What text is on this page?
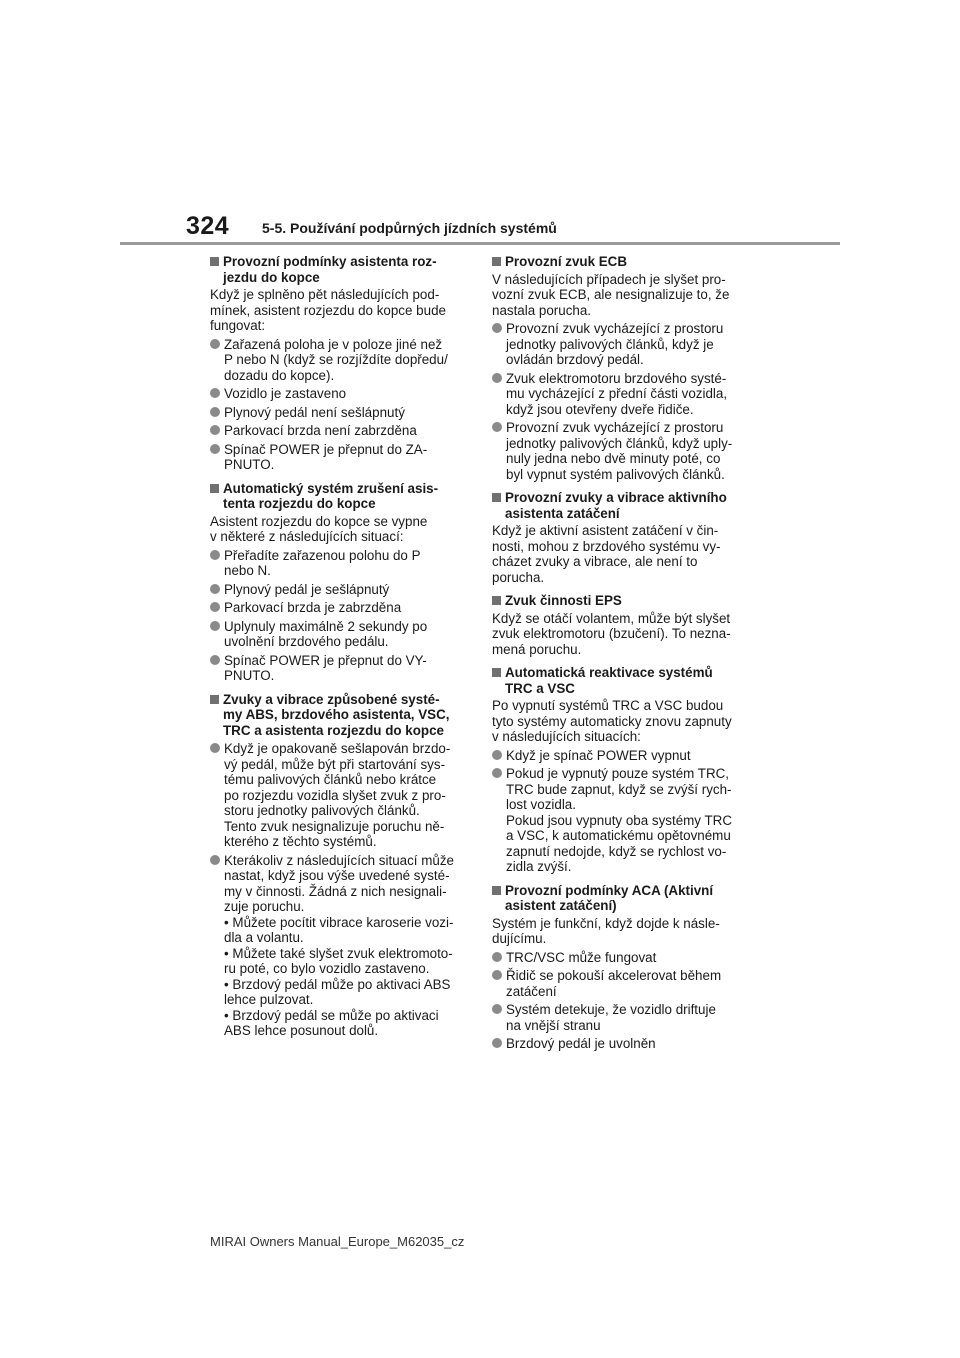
324 5-5. Používání podpůrných jízdních systémů
Provozní podmínky asistenta roz-
jezdu do kopce
Když je splněno pět následujících pod-
mínek, asistent rozjezdu do kopce bude
fungovat:
Zařazená poloha je v poloze jiné než
P nebo N (když se rozjíždíte dopředu/
dozadu do kopce).
Vozidlo je zastaveno
Plynový pedál není sešlápnutý
Parkovací brzda není zabrzděna
Spínač POWER je přepnut do ZA-
PNUTO.
Automatický systém zrušení asis-
tenta rozjezdu do kopce
Asistent rozjezdu do kopce se vypne
v některé z následujících situací:
Přeřadíte zařazenou polohu do P
nebo N.
Plynový pedál je sešlápnutý
Parkovací brzda je zabrzděna
Uplynuly maximálně 2 sekundy po
uvolnění brzdového pedálu.
Spínač POWER je přepnut do VY-
PNUTO.
Zvuky a vibrace způsobené systé-
my ABS, brzdového asistenta, VSC,
TRC a asistenta rozjezdu do kopce
Když je opakovaně sešlapován brzdo-
vý pedál, může být při startování sys-
tému palivových článků nebo krátce
po rozjezdu vozidla slyšet zvuk z pro-
storu jednotky palivových článků.
Tento zvuk nesignalizuje poruchu ně-
kterého z těchto systémů.
Kterákoliv z následujících situací může
nastat, když jsou výše uvedené systé-
my v činnosti. Žádná z nich nesignali-
zuje poruchu.
• Můžete pocítit vibrace karoserie vozi-
dla a volantu.
• Můžete také slyšet zvuk elektromoto-
ru poté, co bylo vozidlo zastaveno.
• Brzdový pedál může po aktivaci ABS
lehce pulzovat.
• Brzdový pedál se může po aktivaci
ABS lehce posunout dolů.
Provozní zvuk ECB
V následujících případech je slyšet pro-
vozní zvuk ECB, ale nesignalizuje to, že
nastala porucha.
Provozní zvuk vycházející z prostoru
jednotky palivových článků, když je
ovládán brzdový pedál.
Zvuk elektromotoru brzdového systé-
mu vycházející z přední části vozidla,
když jsou otevřeny dveře řidiče.
Provozní zvuk vycházející z prostoru
jednotky palivových článků, když uply-
nuly jedna nebo dvě minuty poté, co
byl vypnut systém palivových článků.
Provozní zvuky a vibrace aktivního
asistenta zatáčení
Když je aktivní asistent zatáčení v čin-
nosti, mohou z brzdového systému vy-
cházet zvuky a vibrace, ale není to
porucha.
Zvuk činnosti EPS
Když se otáčí volantem, může být slyšet
zvuk elektromotoru (bzučení). To nezna-
mená poruchu.
Automatická reaktivace systémů
TRC a VSC
Po vypnutí systémů TRC a VSC budou
tyto systémy automaticky znovu zapnuty
v následujících situacích:
Když je spínač POWER vypnut
Pokud je vypnutý pouze systém TRC,
TRC bude zapnut, když se zvýší rych-
lost vozidla.
Pokud jsou vypnuty oba systémy TRC
a VSC, k automatickému opětovnému
zapnutí nedojde, když se rychlost vo-
zidla zvýší.
Provozní podmínky ACA (Aktivní
asistent zatáčení)
Systém je funkční, když dojde k násle-
dujícímu.
TRC/VSC může fungovat
Řidič se pokouší akcelerovat během
zatáčení
Systém detekuje, že vozidlo driftuje
na vnější stranu
Brzdový pedál je uvolněn
MIRAI Owners Manual_Europe_M62035_cz
